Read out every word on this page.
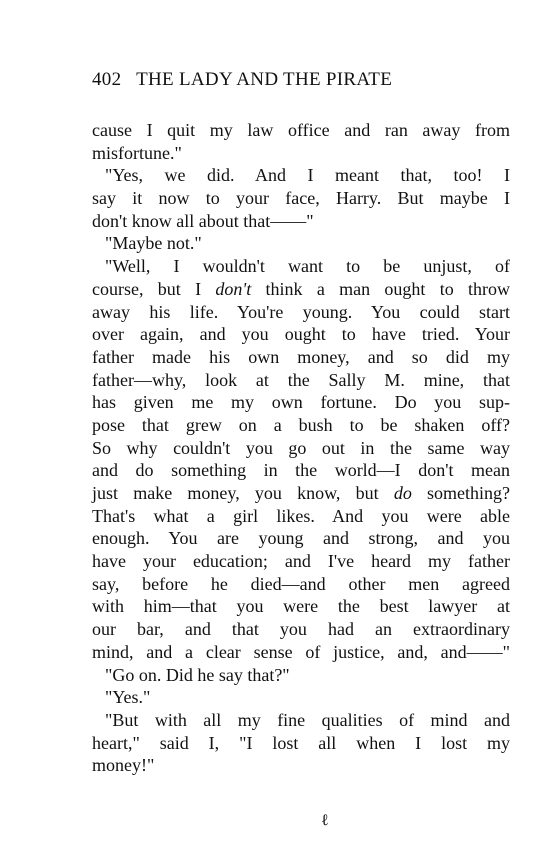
402 THE LADY AND THE PIRATE
cause I quit my law office and ran away from
misfortune."
"Yes, we did. And I meant that, too! I
say it now to your face, Harry. But maybe I
don't know all about that——"
"Maybe not."
"Well, I wouldn't want to be unjust, of
course, but I don't think a man ought to throw
away his life. You're young. You could start
over again, and you ought to have tried. Your
father made his own money, and so did my
father—why, look at the Sally M. mine, that
has given me my own fortune. Do you sup-
pose that grew on a bush to be shaken off?
So why couldn't you go out in the same way
and do something in the world—I don't mean
just make money, you know, but do something?
That's what a girl likes. And you were able
enough. You are young and strong, and you
have your education; and I've heard my father
say, before he died—and other men agreed
with him—that you were the best lawyer at
our bar, and that you had an extraordinary
mind, and a clear sense of justice, and, and——"
"Go on. Did he say that?"
"Yes."
"But with all my fine qualities of mind and
heart," said I, "I lost all when I lost my
money!"
ℓ
